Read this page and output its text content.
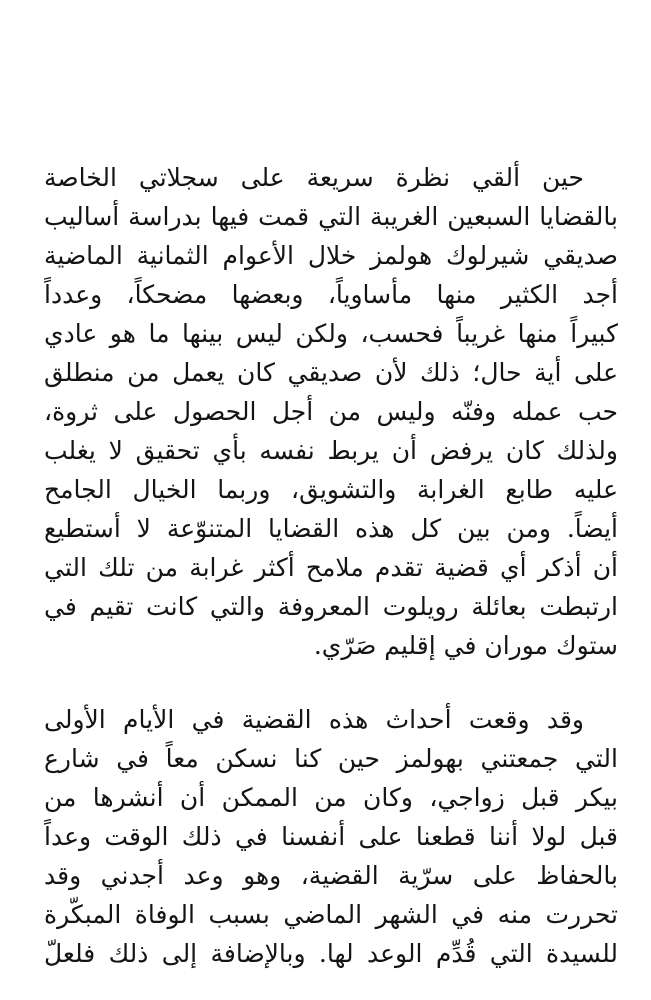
حين ألقي نظرة سريعة على سجلاتي الخاصة
بالقضايا السبعين الغريبة التي قمت فيها بدراسة أساليب
صديقي شيرلوك هولمز خلال الأعوام الثمانية الماضية
أجد الكثير منها مأساوياً، وبعضها مضحكاً، وعدداً
كبيراً منها غريباً فحسب، ولكن ليس بينها ما هو عادي
على أية حال؛ ذلك لأن صديقي كان يعمل من منطلق
حب عمله وفنّه وليس من أجل الحصول على ثروة،
ولذلك كان يرفض أن يربط نفسه بأي تحقيق لا يغلب
عليه طابع الغرابة والتشويق، وربما الخيال الجامح
أيضاً. ومن بين كل هذه القضايا المتنوّعة لا أستطيع
أن أذكر أي قضية تقدم ملامح أكثر غرابة من تلك التي
ارتبطت بعائلة رويلوت المعروفة والتي كانت تقيم في
ستوك موران في إقليم صَرّي.
وقد وقعت أحداث هذه القضية في الأيام الأولى
التي جمعتني بهولمز حين كنا نسكن معاً في شارع
بيكر قبل زواجي، وكان من الممكن أن أنشرها من
قبل لولا أننا قطعنا على أنفسنا في ذلك الوقت وعداً
بالحفاظ على سرّية القضية، وهو وعد أجدني وقد
تحررت منه في الشهر الماضي بسبب الوفاة المبكّرة
للسيدة التي قُدِّم الوعد لها. وبالإضافة إلى ذلك فلعلّ
